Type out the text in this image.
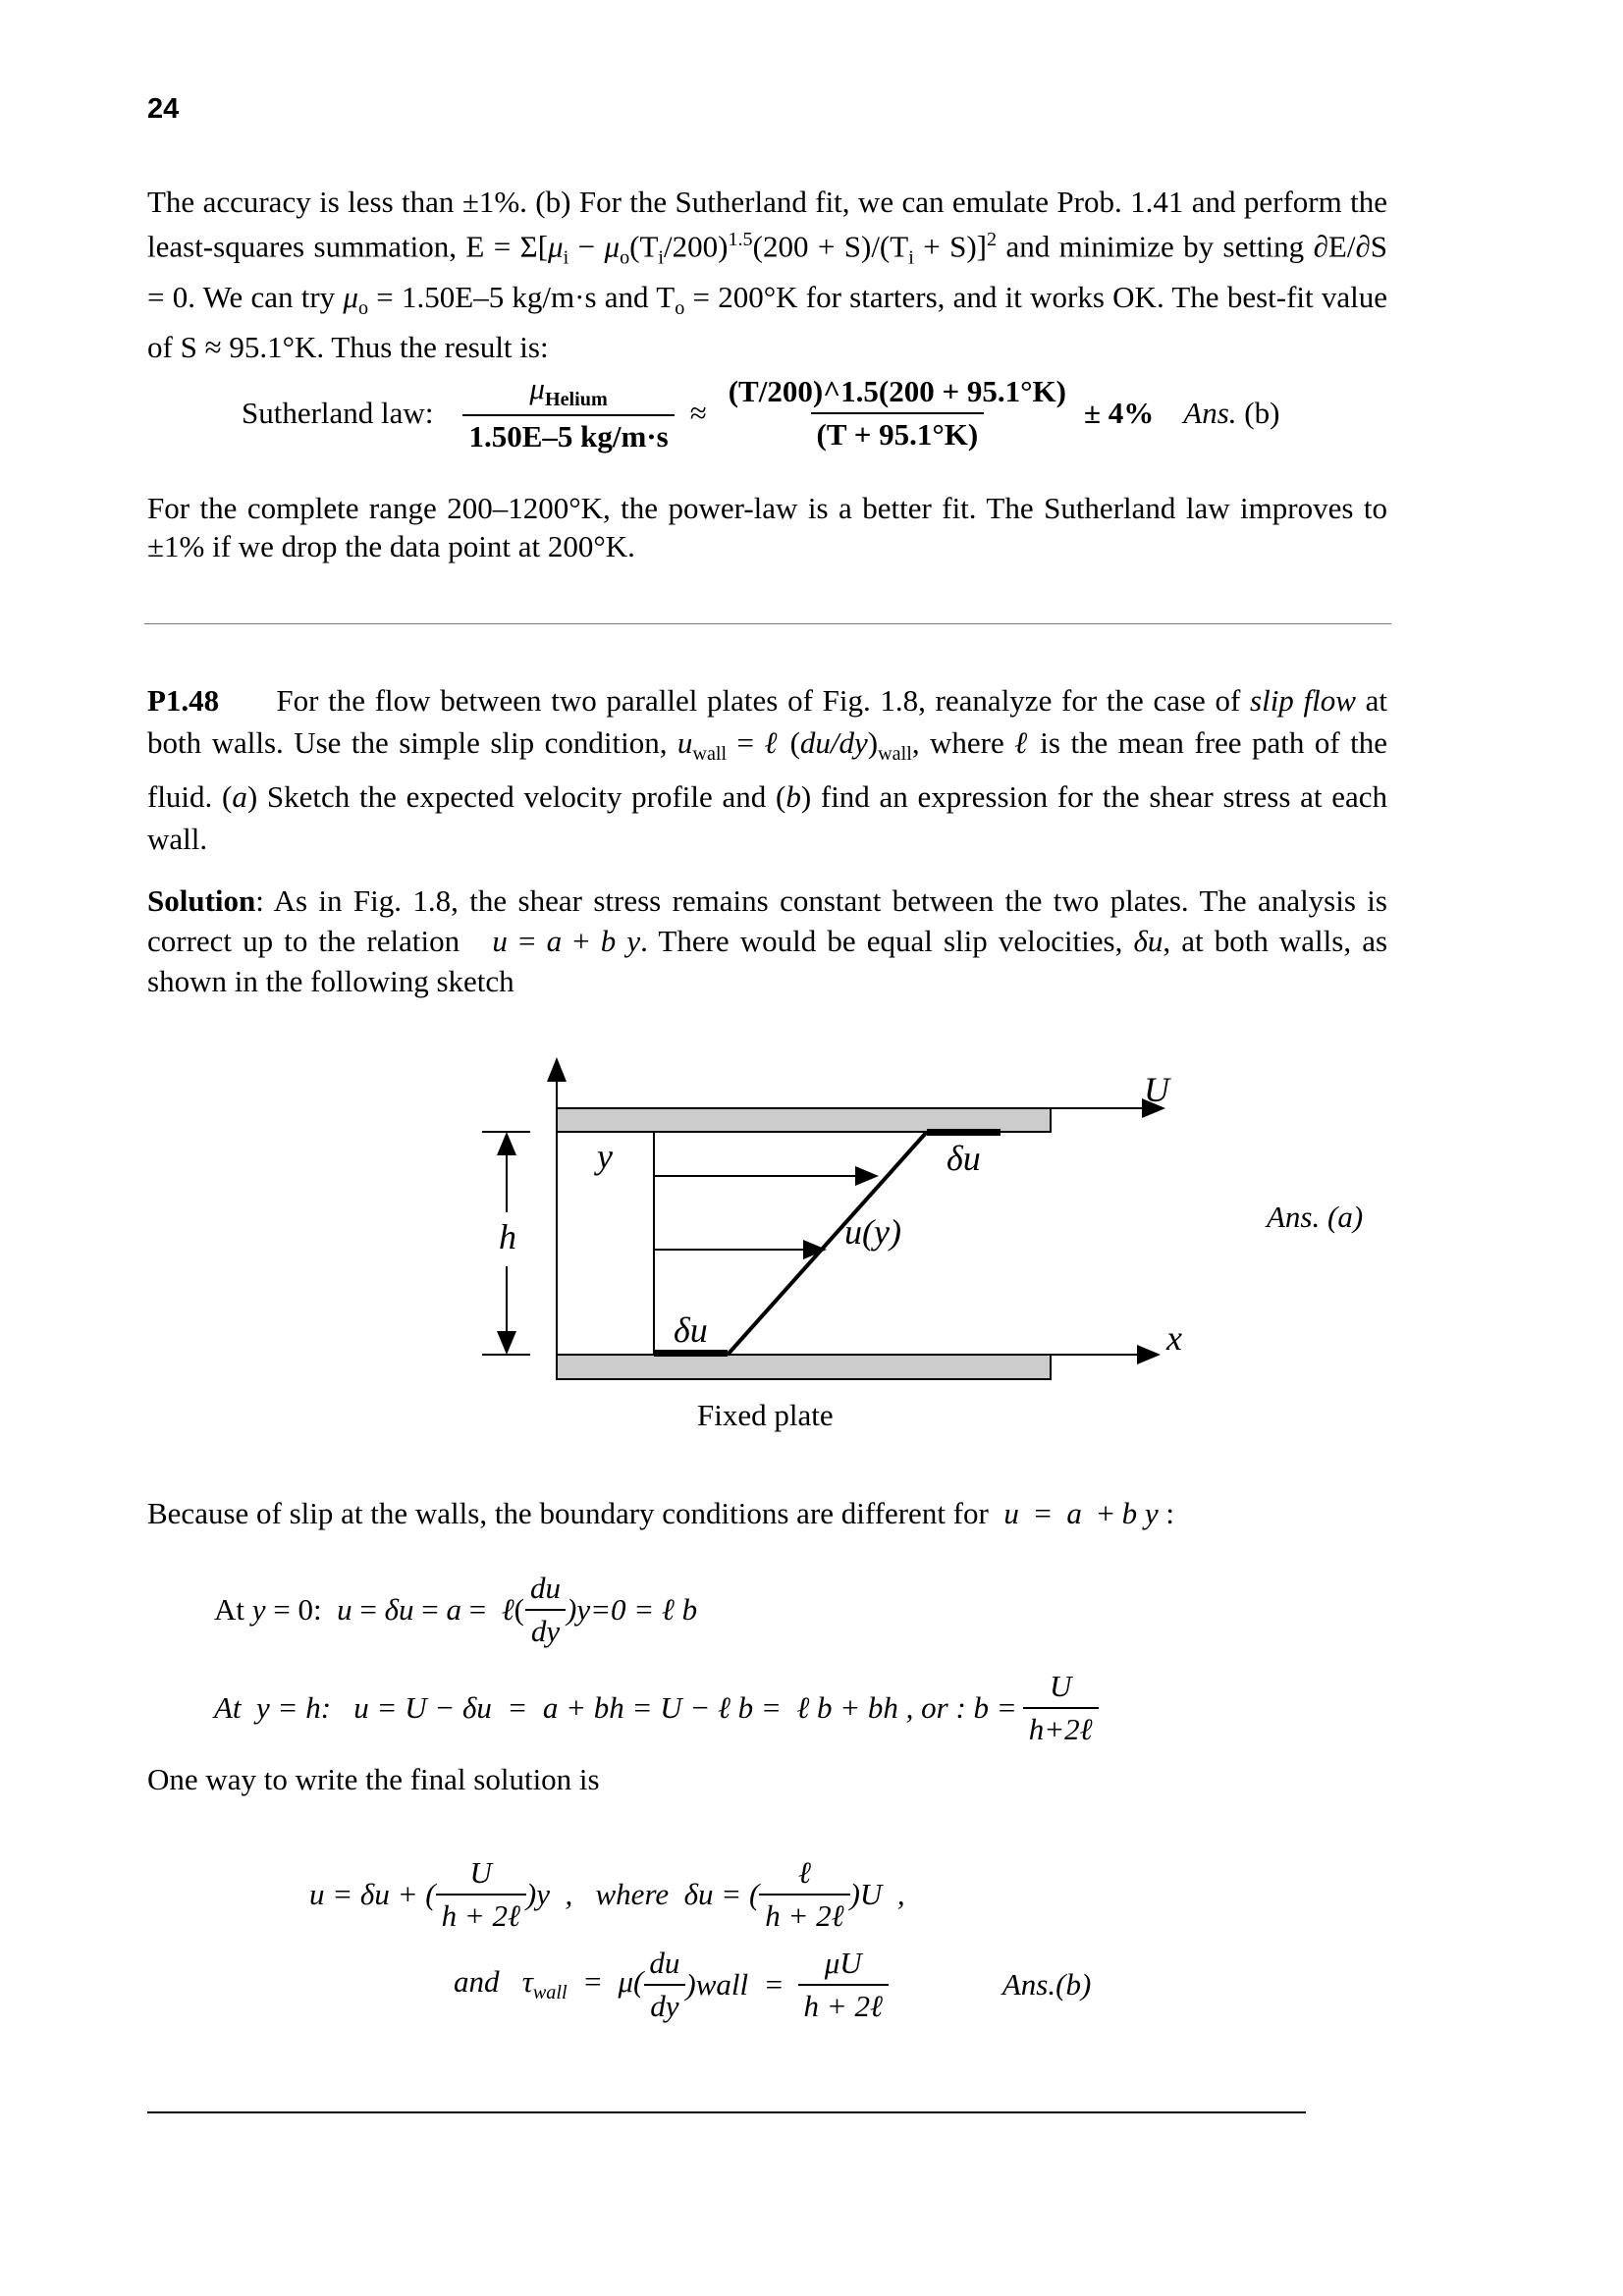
24
The accuracy is less than ±1%. (b) For the Sutherland fit, we can emulate Prob. 1.41 and perform the least-squares summation, $E = \Sigma[\mu_i - \mu_o(T_i/200)^{1.5}(200 + S)/(T_i + S)]^2$ and minimize by setting ∂E/∂S = 0. We can try $\mu_o = 1.50E-5$ kg/m·s and $T_o = 200^\circ K$ for starters, and it works OK. The best-fit value of S ≈ 95.1°K. Thus the result is:
Sutherland law: $\frac{\mu_{Helium}}{1.50E-5 kg/m\cdot s} \approx \frac{(T/200)\^{}1.5(200 + 95.1^\circ K)}{(T + 95.1^\circ K)} \pm 4\%$ Ans. (b)
For the complete range 200–1200°K, the power-law is a better fit. The Sutherland law improves to ±1% if we drop the data point at 200°K.
P1.48      For the flow between two parallel plates of Fig. 1.8, reanalyze for the case of slip flow at both walls. Use the simple slip condition, $u_{wall}$ = ℓ $(du/dy)_{wall}$, where ℓ is the mean free path of the fluid. (a) Sketch the expected velocity profile and (b) find an expression for the shear stress at each wall.
Solution: As in Fig. 1.8, the shear stress remains constant between the two plates. The analysis is correct up to the relation   u = a + b y. There would be equal slip velocities, δu, at both walls, as shown in the following sketch
U
y	δu
u(y)
h
δu	x
Fixed plate
Ans. (a)
Because of slip at the walls, the boundary conditions are different for  u  =  a  + b y :
At y = 0:  u = δu = a =  ℓ( $\frac{du}{dy} )y=0$ = ℓ b
At  y = h:   u = U − δu  =  a + bh = U − ℓ b =  ℓ b + bh , or : $b = \frac{U}{\text{h+2ℓ}}$
One way to write the final solution is
u = δu + ( $\frac{U}{\text{h + 2ℓ}} )y$  ,   where  δu = ( $\frac{\text{ℓ}}{\text{h + 2ℓ}} )U$  ,
and   $\tau_{wall} = \mu( \frac{du}{dy}$ )wall  = $\frac{\mu U}{\text{h + 2ℓ}}$	Ans.(b)
